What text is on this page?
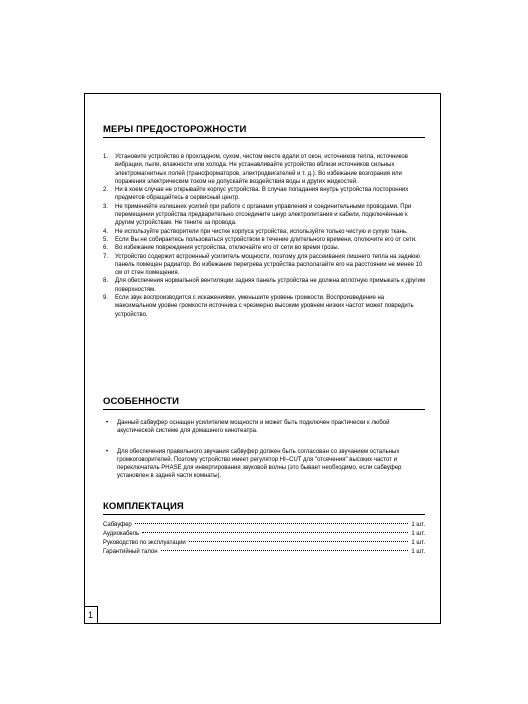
1
МЕРЫ ПРЕДОСТОРОЖНОСТИ
1. Установите устройство в прохладном, сухом, чистом месте вдали от окон, источников тепла, источников вибрации, пыли, влажности или холода. Не устанавливайте устройство вблизи источников сильных электромагнитных полей (трансформаторов, электродвигателей и т. д.). Во избежание возгорания или поражения электрическим током не допускайте воздействия воды и других жидкостей.
2. Ни в коем случае не открывайте корпус устройства. В случае попадания внутрь устройства посторонних предметов обращайтесь в сервисный центр.
3. Не применяйте излишних усилий при работе с органами управления и соединительными проводами. При перемещении устройства предварительно отсоедините шнур электропитания и кабели, подключённые к другим устройствам. Не тяните за провода.
4. Не используйте растворители при чистке корпуса устройства, используйте только чистую и сухую ткань.
5. Если Вы не собираетесь пользоваться устройством в течение длительного времени, отключите его от сети.
6. Во избежание повреждения устройства, отключайте его от сети во время грозы.
7. Устройство содержит встроенный усилитель мощности, поэтому для рассеивания лишнего тепла на заднюю панель помещен радиатор. Во избежание перегрева устройства располагайте его на расстоянии не менее 10 см от стен помещения.
8. Для обеспечения нормальной вентиляции задняя панель устройства не должна вплотную примыкать к другим поверхностям.
9. Если звук воспроизводится с искажениями, уменьшите уровень громкости. Воспроизведение на максимальном уровне громкости источника с чрезмерно высоким уровнем низких частот может повредить устройство.
ОСОБЕННОСТИ
• Данный сабвуфер оснащен усилителем мощности и может быть подключен практически к любой акустической системе для домашнего кинотеатра.
• Для обеспечения правильного звучания сабвуфер должен быть согласован со звучанием остальных громкоговорителей. Поэтому устройство имеет регулятор HI–CUT для "отсечения" высоких частот и переключатель PHASE для инвертирования звуковой волны (это бывает необходимо, если сабвуфер установлен в задней части комнаты).
КОМПЛЕКТАЦИЯ
Сабвуфер	1 шт.
Аудиокабель	1 шт.
Руководство по эксплуатации	1 шт.
Гарантийный талон	1 шт.
